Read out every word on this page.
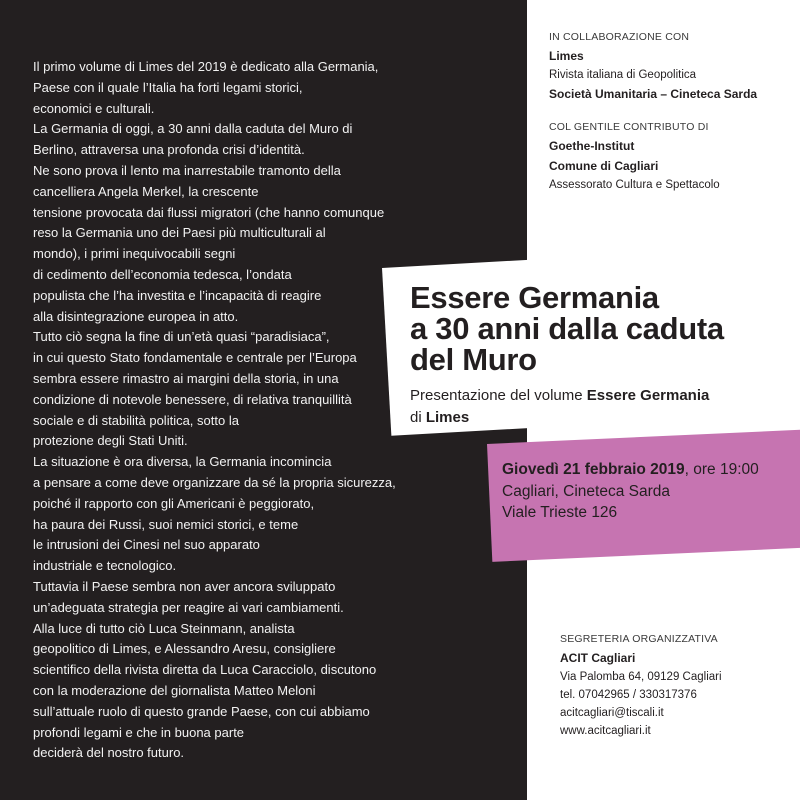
Il primo volume di Limes del 2019 è dedicato alla Germania,
Paese con il quale l’Italia ha forti legami storici,
economici e culturali.
La Germania di oggi, a 30 anni dalla caduta del Muro di
Berlino, attraversa una profonda crisi d’identità.
Ne sono prova il lento ma inarrestabile tramonto della
cancelliera Angela Merkel, la crescente
tensione provocata dai flussi migratori (che hanno comunque
reso la Germania uno dei Paesi più multiculturali al
mondo), i primi inequivocabili segni
di cedimento dell’economia tedesca, l’ondata
populista che l’ha investita e l’incapacità di reagire
alla disintegrazione europea in atto.
Tutto ciò segna la fine di un’età quasi “paradisiaca”,
in cui questo Stato fondamentale e centrale per l’Europa
sembra essere rimastro ai margini della storia, in una
condizione di notevole benessere, di relativa tranquillità
sociale e di stabilità politica, sotto la
protezione degli Stati Uniti.
La situazione è ora diversa, la Germania incomincia
a pensare a come deve organizzare da sé la propria sicurezza,
poiché il rapporto con gli Americani è peggiorato,
ha paura dei Russi, suoi nemici storici, e teme
le intrusioni dei Cinesi nel suo apparato
industriale e tecnologico.
Tuttavia il Paese sembra non aver ancora sviluppato
un’adeguata strategia per reagire ai vari cambiamenti.
Alla luce di tutto ciò Luca Steinmann, analista
geopolitico di Limes, e Alessandro Aresu, consigliere
scientifico della rivista diretta da Luca Caracciolo, discutono
con la moderazione del giornalista Matteo Meloni
sull’attuale ruolo di questo grande Paese, con cui abbiamo
profondi legami e che in buona parte
deciderà del nostro futuro.
IN COLLABORAZIONE CON
Limes
Rivista italiana di Geopolitica
Società Umanitaria – Cineteca Sarda
COL GENTILE CONTRIBUTO DI
Goethe-Institut
Comune di Cagliari
Assessorato Cultura e Spettacolo
Essere Germania
a 30 anni dalla caduta
del Muro
Presentazione del volume Essere Germania
di Limes
Giovedì 21 febbraio 2019, ore 19:00
Cagliari, Cineteca Sarda
Viale Trieste 126
SEGRETERIA ORGANIZZATIVA
ACIT Cagliari
Via Palomba 64, 09129 Cagliari
tel. 07042965 / 330317376
acitcagliari@tiscali.it
www.acitcagliari.it
